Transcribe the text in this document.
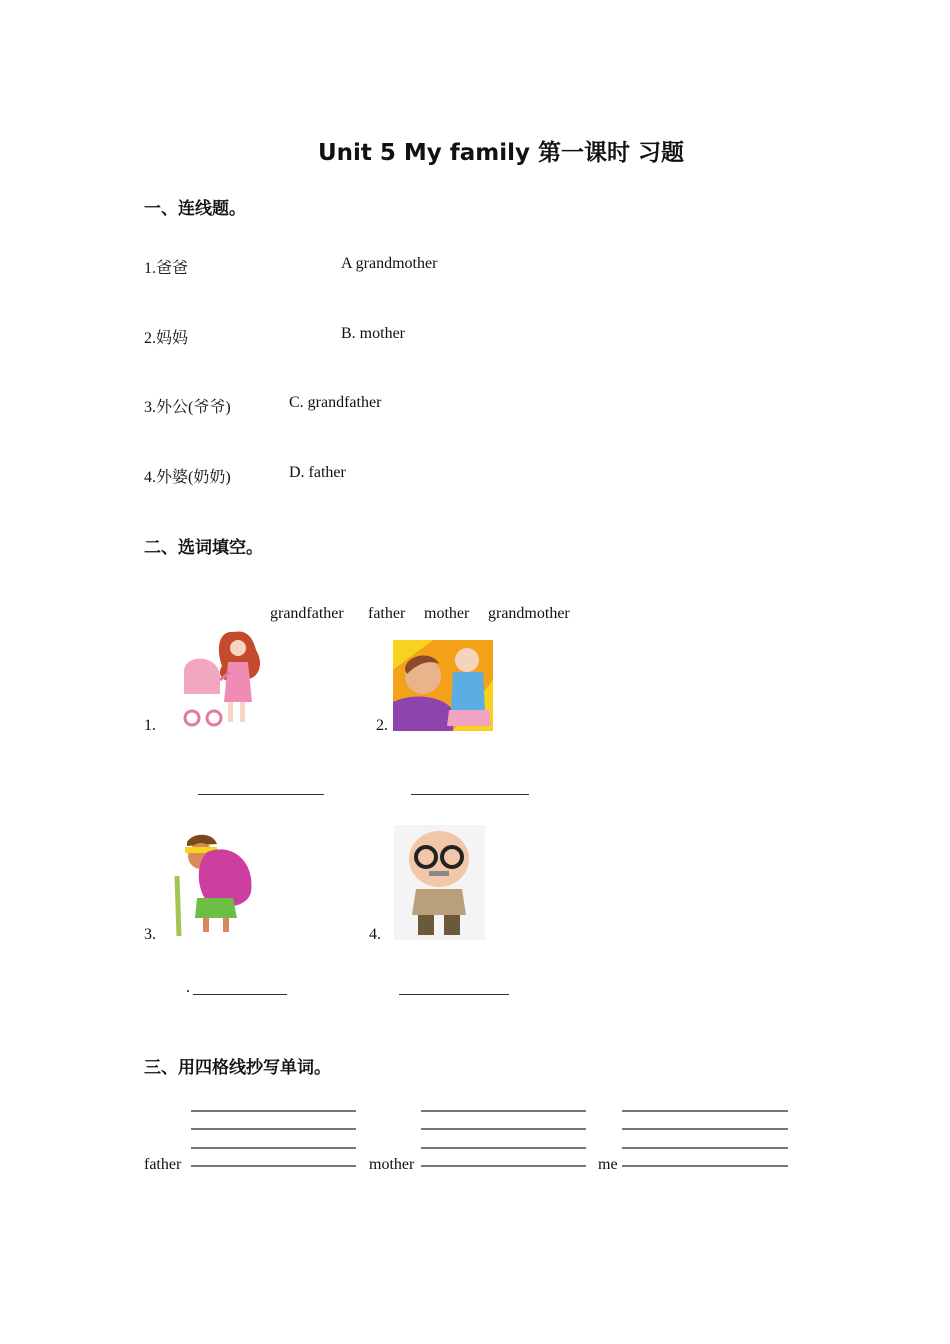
Unit 5 My family 第一课时 习题
一、连线题。
1.爸爸	A grandmother
2.妈妈	B. mother
3.外公(爷爷)	C. grandfather
4.外婆(奶奶)	D. father
二、选词填空。
grandfather father mother grandmother
1.	2.
3.	4.
.
三、用四格线抄写单词。
father	mother	me
